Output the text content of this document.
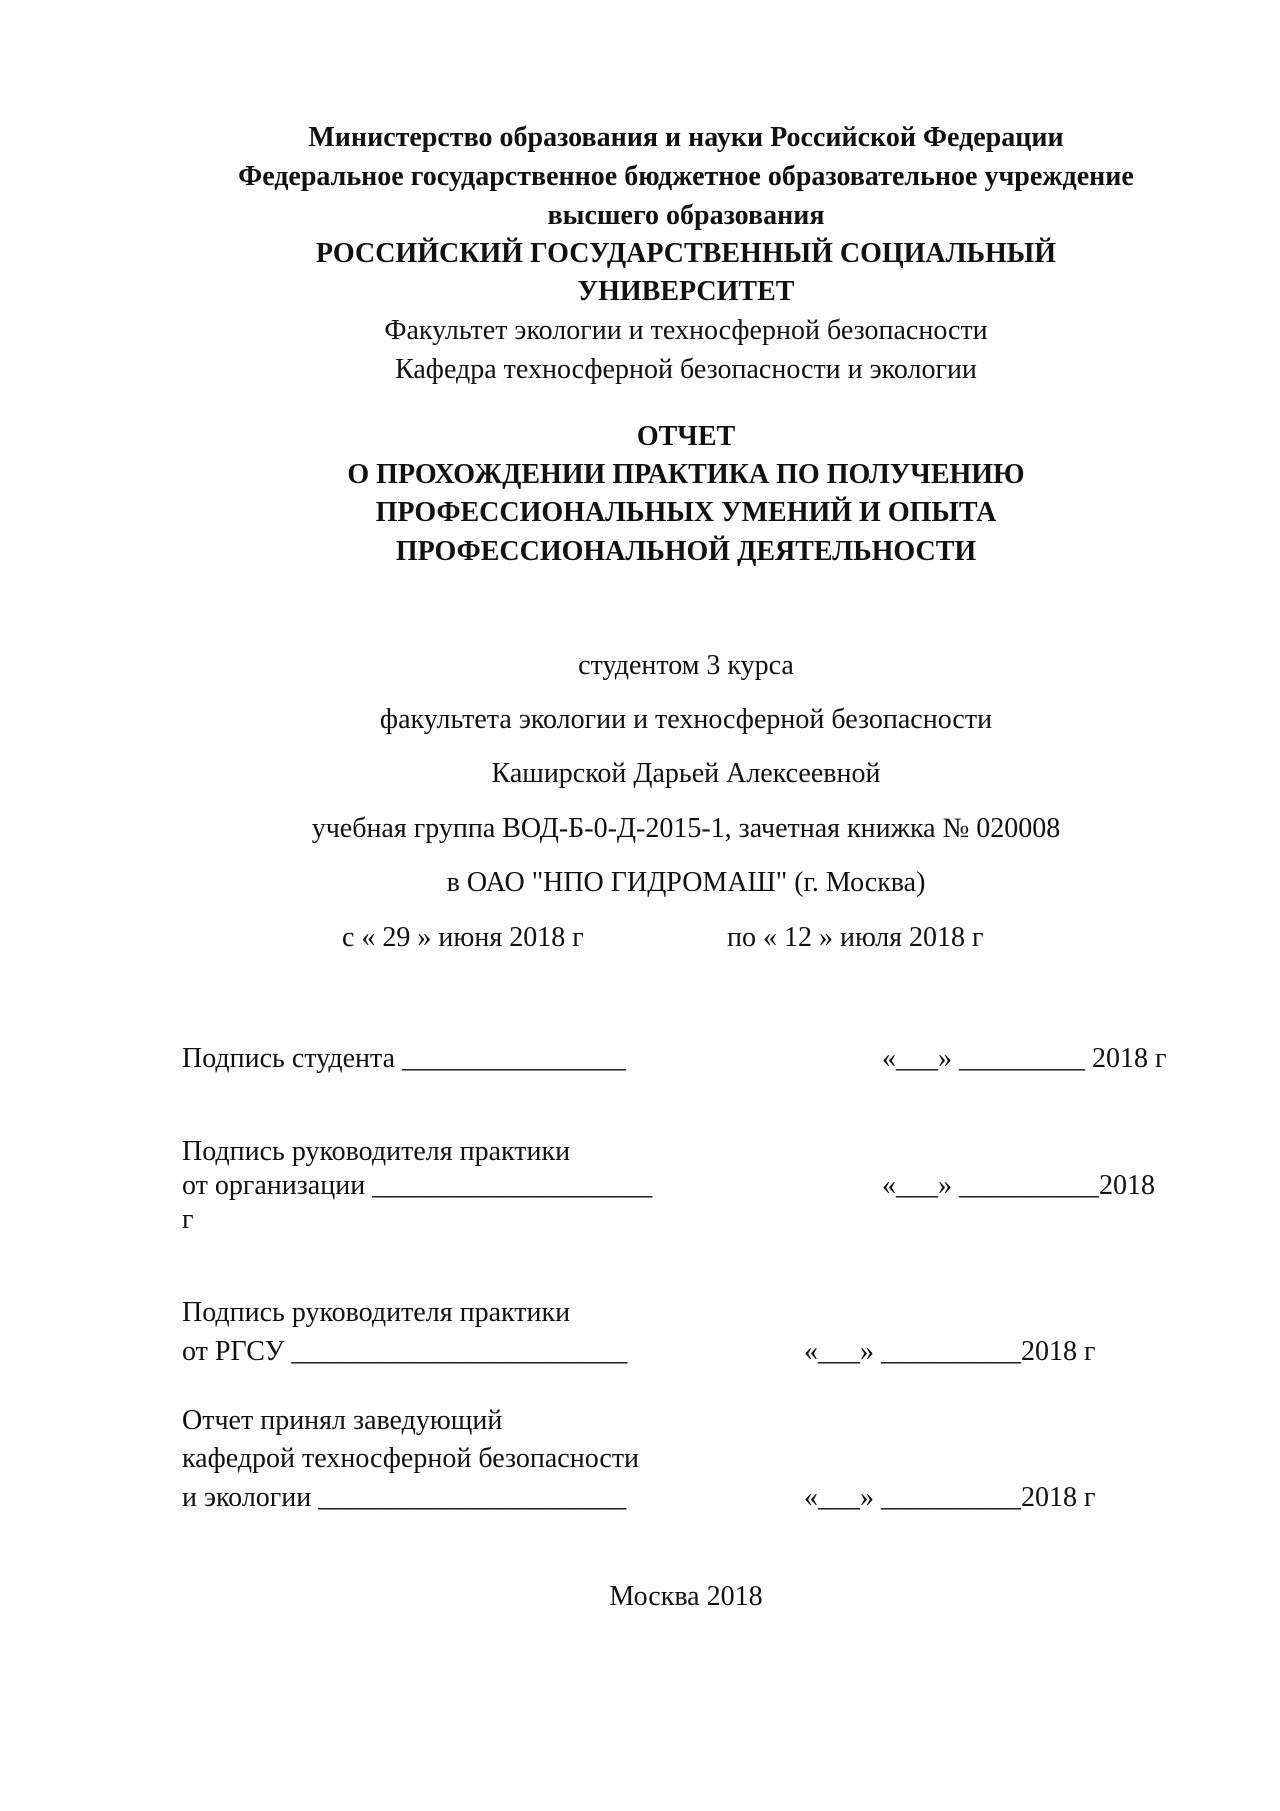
Министерство образования и науки Российской Федерации
Федеральное государственное бюджетное образовательное учреждение
высшего образования
РОССИЙСКИЙ ГОСУДАРСТВЕННЫЙ СОЦИАЛЬНЫЙ
УНИВЕРСИТЕТ
Факультет экологии и техносферной безопасности
Кафедра техносферной безопасности и экологии
ОТЧЕТ
О ПРОХОЖДЕНИИ ПРАКТИКА ПО ПОЛУЧЕНИЮ
ПРОФЕССИОНАЛЬНЫХ УМЕНИЙ И ОПЫТА
ПРОФЕССИОНАЛЬНОЙ ДЕЯТЕЛЬНОСТИ
студентом 3 курса
факультета экологии и техносферной безопасности
Каширской Дарьей Алексеевной
учебная группа ВОД-Б-0-Д-2015-1, зачетная книжка № 020008
в ОАО "НПО ГИДРОМАШ" (г. Москва)
с « 29 » июня 2018 г	по « 12 » июля 2018 г
Подпись студента ________________	«___» _________ 2018 г
Подпись руководителя практики
от организации ____________________	«___» __________2018
г
Подпись руководителя практики
от РГСУ ________________________	«___» __________2018 г
Отчет принял заведующий
кафедрой техносферной безопасности
и экологии ______________________	«___» __________2018 г
Москва 2018
